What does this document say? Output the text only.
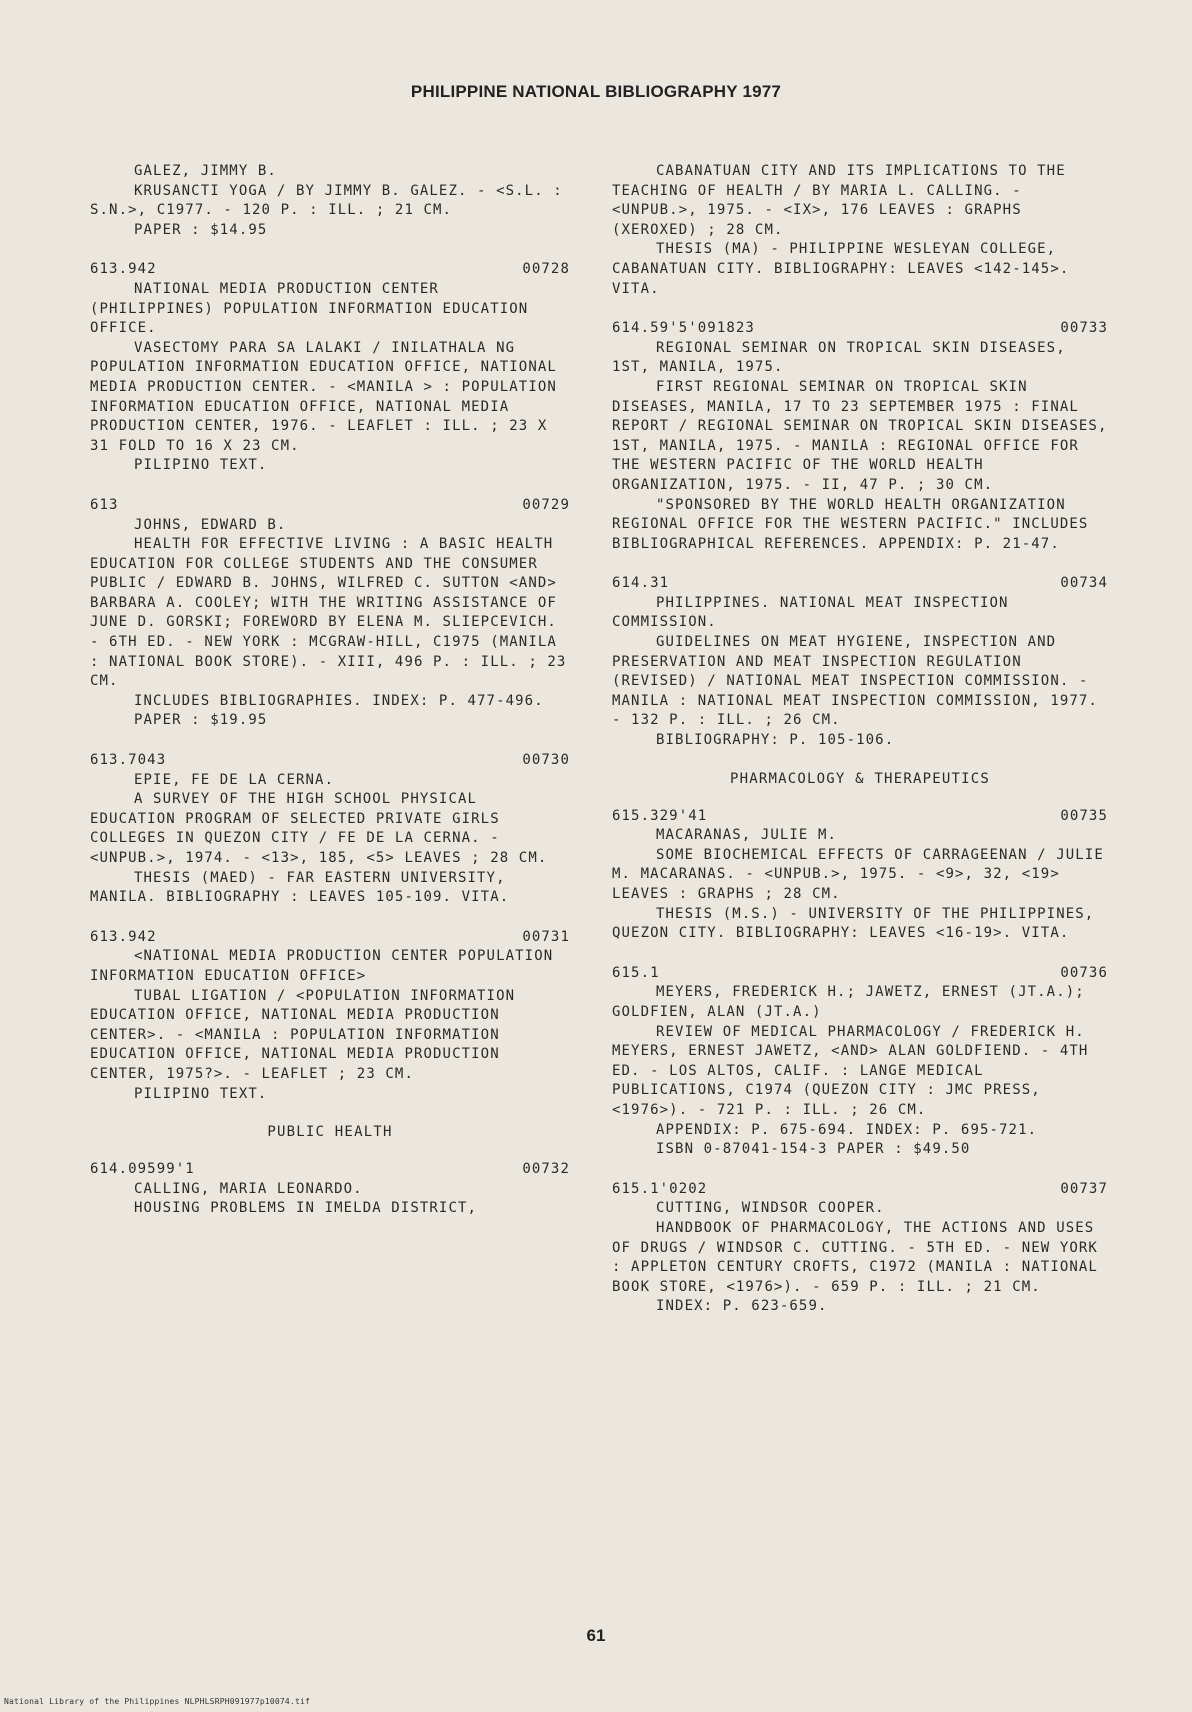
PHILIPPINE NATIONAL BIBLIOGRAPHY 1977
GALEZ, JIMMY B.
KRUSANCTI YOGA / BY JIMMY B. GALEZ. - <S.L. : S.N.>, C1977. - 120 P. : ILL. ; 21 CM.
PAPER : $14.95
613.942	00728
NATIONAL MEDIA PRODUCTION CENTER (PHILIPPINES) POPULATION INFORMATION EDUCATION OFFICE.
VASECTOMY PARA SA LALAKI / INILATHALA NG POPULATION INFORMATION EDUCATION OFFICE, NATIONAL MEDIA PRODUCTION CENTER. - <MANILA > : POPULATION INFORMATION EDUCATION OFFICE, NATIONAL MEDIA PRODUCTION CENTER, 1976. - LEAFLET : ILL. ; 23 X 31 FOLD TO 16 X 23 CM.
PILIPINO TEXT.
613	00729
JOHNS, EDWARD B.
HEALTH FOR EFFECTIVE LIVING : A BASIC HEALTH EDUCATION FOR COLLEGE STUDENTS AND THE CONSUMER PUBLIC / EDWARD B. JOHNS, WILFRED C. SUTTON <AND> BARBARA A. COOLEY; WITH THE WRITING ASSISTANCE OF JUNE D. GORSKI; FOREWORD BY ELENA M. SLIEPCEVICH. - 6TH ED. - NEW YORK : MCGRAW-HILL, C1975 (MANILA : NATIONAL BOOK STORE). - XIII, 496 P. : ILL. ; 23 CM.
INCLUDES BIBLIOGRAPHIES. INDEX: P. 477-496.
PAPER : $19.95
613.7043	00730
EPIE, FE DE LA CERNA.
A SURVEY OF THE HIGH SCHOOL PHYSICAL EDUCATION PROGRAM OF SELECTED PRIVATE GIRLS COLLEGES IN QUEZON CITY / FE DE LA CERNA. - <UNPUB.>, 1974. - <13>, 185, <5> LEAVES ; 28 CM.
THESIS (MAED) - FAR EASTERN UNIVERSITY, MANILA. BIBLIOGRAPHY : LEAVES 105-109. VITA.
613.942	00731
<NATIONAL MEDIA PRODUCTION CENTER POPULATION INFORMATION EDUCATION OFFICE>
TUBAL LIGATION / <POPULATION INFORMATION EDUCATION OFFICE, NATIONAL MEDIA PRODUCTION CENTER>. - <MANILA : POPULATION INFORMATION EDUCATION OFFICE, NATIONAL MEDIA PRODUCTION CENTER, 1975?>. - LEAFLET ; 23 CM.
PILIPINO TEXT.
PUBLIC HEALTH
614.09599'1	00732
CALLING, MARIA LEONARDO.
HOUSING PROBLEMS IN IMELDA DISTRICT,
CABANATUAN CITY AND ITS IMPLICATIONS TO THE TEACHING OF HEALTH / BY MARIA L. CALLING. - <UNPUB.>, 1975. - <IX>, 176 LEAVES : GRAPHS (XEROXED) ; 28 CM.
THESIS (MA) - PHILIPPINE WESLEYAN COLLEGE, CABANATUAN CITY. BIBLIOGRAPHY: LEAVES <142-145>. VITA.
614.59'5'091823	00733
REGIONAL SEMINAR ON TROPICAL SKIN DISEASES, 1ST, MANILA, 1975.
FIRST REGIONAL SEMINAR ON TROPICAL SKIN DISEASES, MANILA, 17 TO 23 SEPTEMBER 1975 : FINAL REPORT / REGIONAL SEMINAR ON TROPICAL SKIN DISEASES, 1ST, MANILA, 1975. - MANILA : REGIONAL OFFICE FOR THE WESTERN PACIFIC OF THE WORLD HEALTH ORGANIZATION, 1975. - II, 47 P. ; 30 CM.
"SPONSORED BY THE WORLD HEALTH ORGANIZATION REGIONAL OFFICE FOR THE WESTERN PACIFIC." INCLUDES BIBLIOGRAPHICAL REFERENCES. APPENDIX: P. 21-47.
614.31	00734
PHILIPPINES. NATIONAL MEAT INSPECTION COMMISSION.
GUIDELINES ON MEAT HYGIENE, INSPECTION AND PRESERVATION AND MEAT INSPECTION REGULATION (REVISED) / NATIONAL MEAT INSPECTION COMMISSION. - MANILA : NATIONAL MEAT INSPECTION COMMISSION, 1977. - 132 P. : ILL. ; 26 CM.
BIBLIOGRAPHY: P. 105-106.
PHARMACOLOGY & THERAPEUTICS
615.329'41	00735
MACARANAS, JULIE M.
SOME BIOCHEMICAL EFFECTS OF CARRAGEENAN / JULIE M. MACARANAS. - <UNPUB.>, 1975. - <9>, 32, <19> LEAVES : GRAPHS ; 28 CM.
THESIS (M.S.) - UNIVERSITY OF THE PHILIPPINES, QUEZON CITY. BIBLIOGRAPHY: LEAVES <16-19>. VITA.
615.1	00736
MEYERS, FREDERICK H.; JAWETZ, ERNEST (JT.A.); GOLDFIEN, ALAN (JT.A.)
REVIEW OF MEDICAL PHARMACOLOGY / FREDERICK H. MEYERS, ERNEST JAWETZ, <AND> ALAN GOLDFIEND. - 4TH ED. - LOS ALTOS, CALIF. : LANGE MEDICAL PUBLICATIONS, C1974 (QUEZON CITY : JMC PRESS, <1976>). - 721 P. : ILL. ; 26 CM.
APPENDIX: P. 675-694. INDEX: P. 695-721.
ISBN 0-87041-154-3 PAPER : $49.50
615.1'0202	00737
CUTTING, WINDSOR COOPER.
HANDBOOK OF PHARMACOLOGY, THE ACTIONS AND USES OF DRUGS / WINDSOR C. CUTTING. - 5TH ED. - NEW YORK : APPLETON CENTURY CROFTS, C1972 (MANILA : NATIONAL BOOK STORE, <1976>). - 659 P. : ILL. ; 21 CM.
INDEX: P. 623-659.
61
National Library of the Philippines NLPHLSRPH091977p10074.tif
